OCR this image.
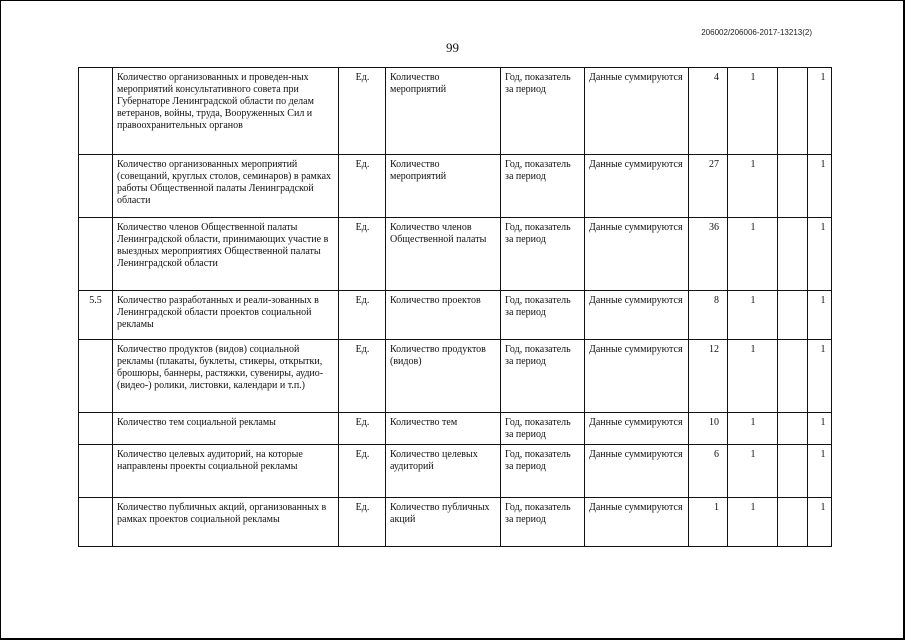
206002/206006-2017-13213(2)
99
	Количество организованных и проведен-ных мероприятий консультативного совета при Губернаторе Ленинградской области по делам ветеранов, войны, труда, Вооруженных Сил и правоохранительных органов	Ед.	Количество мероприятий	Год, показатель за период	Данные суммируются	4	1		1
	Количество организованных мероприятий (совещаний, круглых столов, семинаров) в рамках работы Общественной палаты Ленинградской области	Ед.	Количество мероприятий	Год, показатель за период	Данные суммируются	27	1		1
	Количество членов Общественной палаты Ленинградской области, принимающих участие в выездных мероприятиях Общественной палаты Ленинградской области	Ед.	Количество членов Общественной палаты	Год, показатель за период	Данные суммируются	36	1		1
5.5	Количество разработанных и реали-зованных в Ленинградской области проектов социальной рекламы	Ед.	Количество проектов	Год, показатель за период	Данные суммируются	8	1		1
	Количество продуктов (видов) социальной рекламы (плакаты, буклеты, стикеры, открытки, брошюры, баннеры, растяжки, сувениры, аудио- (видео-) ролики, листовки, календари и т.п.)	Ед.	Количество продуктов (видов)	Год, показатель за период	Данные суммируются	12	1		1
	Количество тем социальной рекламы	Ед.	Количество тем	Год, показатель за период	Данные суммируются	10	1		1
	Количество целевых аудиторий, на которые направлены проекты социальной рекламы	Ед.	Количество целевых аудиторий	Год, показатель за период	Данные суммируются	6	1		1
	Количество публичных акций, организованных в рамках проектов социальной рекламы	Ед.	Количество публичных акций	Год, показатель за период	Данные суммируются	1	1		1
